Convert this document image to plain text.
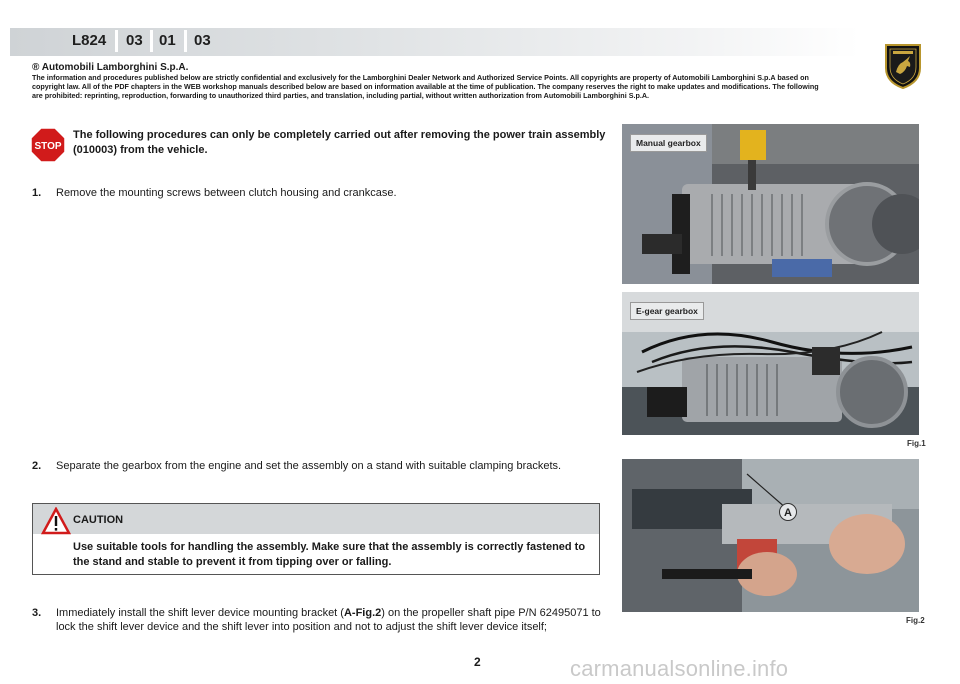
L824 03 01 03
® Automobili Lamborghini S.p.A.
The information and procedures published below are strictly confidential and exclusively for the Lamborghini Dealer Network and Authorized Service Points. All copyrights are property of Automobili Lamborghini S.p.A based on copyright law. All of the PDF chapters in the WEB workshop manuals described below are based on information available at the time of publication. The company reserves the right to make updates and modifications. The following are prohibited: reprinting, reproduction, forwarding to unauthorized third parties, and translation, including partial, without written authorization from Automobili Lamborghini S.p.A.
STOP
The following procedures can only be completely carried out after removing the power train assembly (010003) from the vehicle.
1. Remove the mounting screws between clutch housing and crankcase.
2. Separate the gearbox from the engine and set the assembly on a stand with suitable clamping brackets.
CAUTION
Use suitable tools for handling the assembly. Make sure that the assembly is correctly fastened to the stand and stable to prevent it from tipping over or falling.
3. Immediately install the shift lever device mounting bracket (A-Fig.2) on the propeller shaft pipe P/N 62495071 to lock the shift lever device and the shift lever into position and not to adjust the shift lever device itself;
Manual gearbox
E-gear gearbox
Fig.1
A
Fig.2
2	carmanualsonline.info
